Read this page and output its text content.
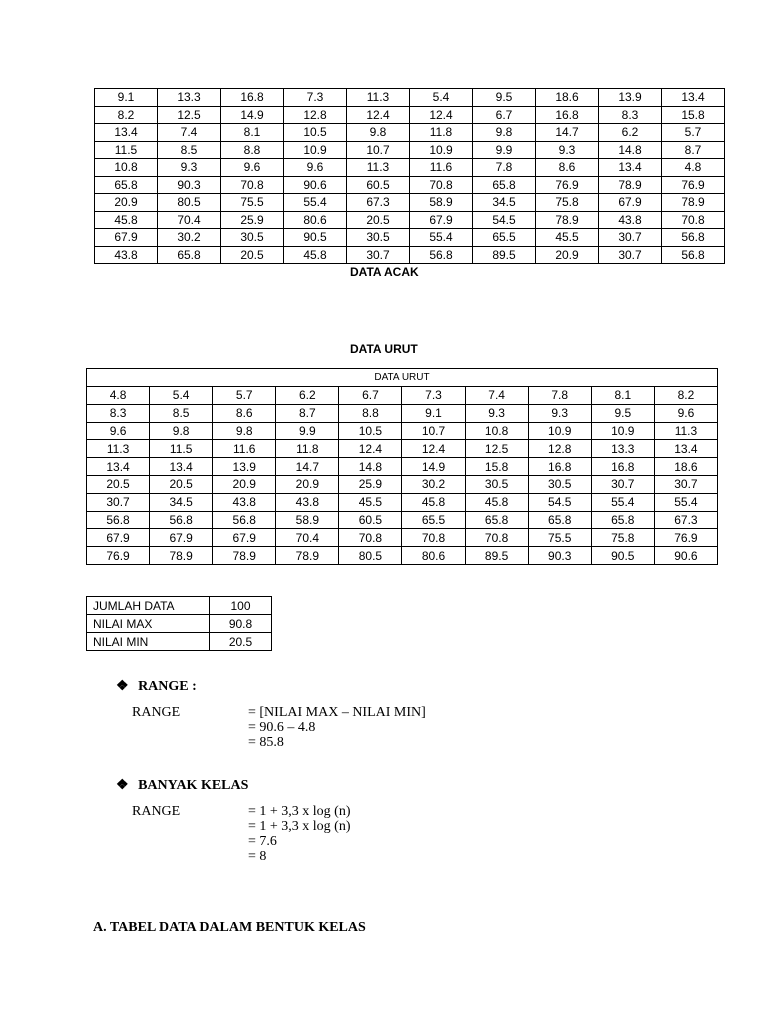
9.1	13.3	16.8	7.3	11.3	5.4	9.5	18.6	13.9	13.4
8.2	12.5	14.9	12.8	12.4	12.4	6.7	16.8	8.3	15.8
13.4	7.4	8.1	10.5	9.8	11.8	9.8	14.7	6.2	5.7
11.5	8.5	8.8	10.9	10.7	10.9	9.9	9.3	14.8	8.7
10.8	9.3	9.6	9.6	11.3	11.6	7.8	8.6	13.4	4.8
65.8	90.3	70.8	90.6	60.5	70.8	65.8	76.9	78.9	76.9
20.9	80.5	75.5	55.4	67.3	58.9	34.5	75.8	67.9	78.9
45.8	70.4	25.9	80.6	20.5	67.9	54.5	78.9	43.8	70.8
67.9	30.2	30.5	90.5	30.5	55.4	65.5	45.5	30.7	56.8
43.8	65.8	20.5	45.8	30.7	56.8	89.5	20.9	30.7	56.8
DATA ACAK
DATA URUT
DATA URUT									
4.8	5.4	5.7	6.2	6.7	7.3	7.4	7.8	8.1	8.2
8.3	8.5	8.6	8.7	8.8	9.1	9.3	9.3	9.5	9.6
9.6	9.8	9.8	9.9	10.5	10.7	10.8	10.9	10.9	11.3
11.3	11.5	11.6	11.8	12.4	12.4	12.5	12.8	13.3	13.4
13.4	13.4	13.9	14.7	14.8	14.9	15.8	16.8	16.8	18.6
20.5	20.5	20.9	20.9	25.9	30.2	30.5	30.5	30.7	30.7
30.7	34.5	43.8	43.8	45.5	45.8	45.8	54.5	55.4	55.4
56.8	56.8	56.8	58.9	60.5	65.5	65.8	65.8	65.8	67.3
67.9	67.9	67.9	70.4	70.8	70.8	70.8	75.5	75.8	76.9
76.9	78.9	78.9	78.9	80.5	80.6	89.5	90.3	90.5	90.6
JUMLAH DATA	100
NILAI MAX	90.8
NILAI MIN	20.5
❖ RANGE :
RANGE	= [NILAI MAX – NILAI MIN]
= 90.6 – 4.8
= 85.8
❖ BANYAK KELAS
RANGE	= 1 + 3,3 x log (n)
= 1 + 3,3 x log (n)
= 7.6
= 8
A. TABEL DATA DALAM BENTUK KELAS
